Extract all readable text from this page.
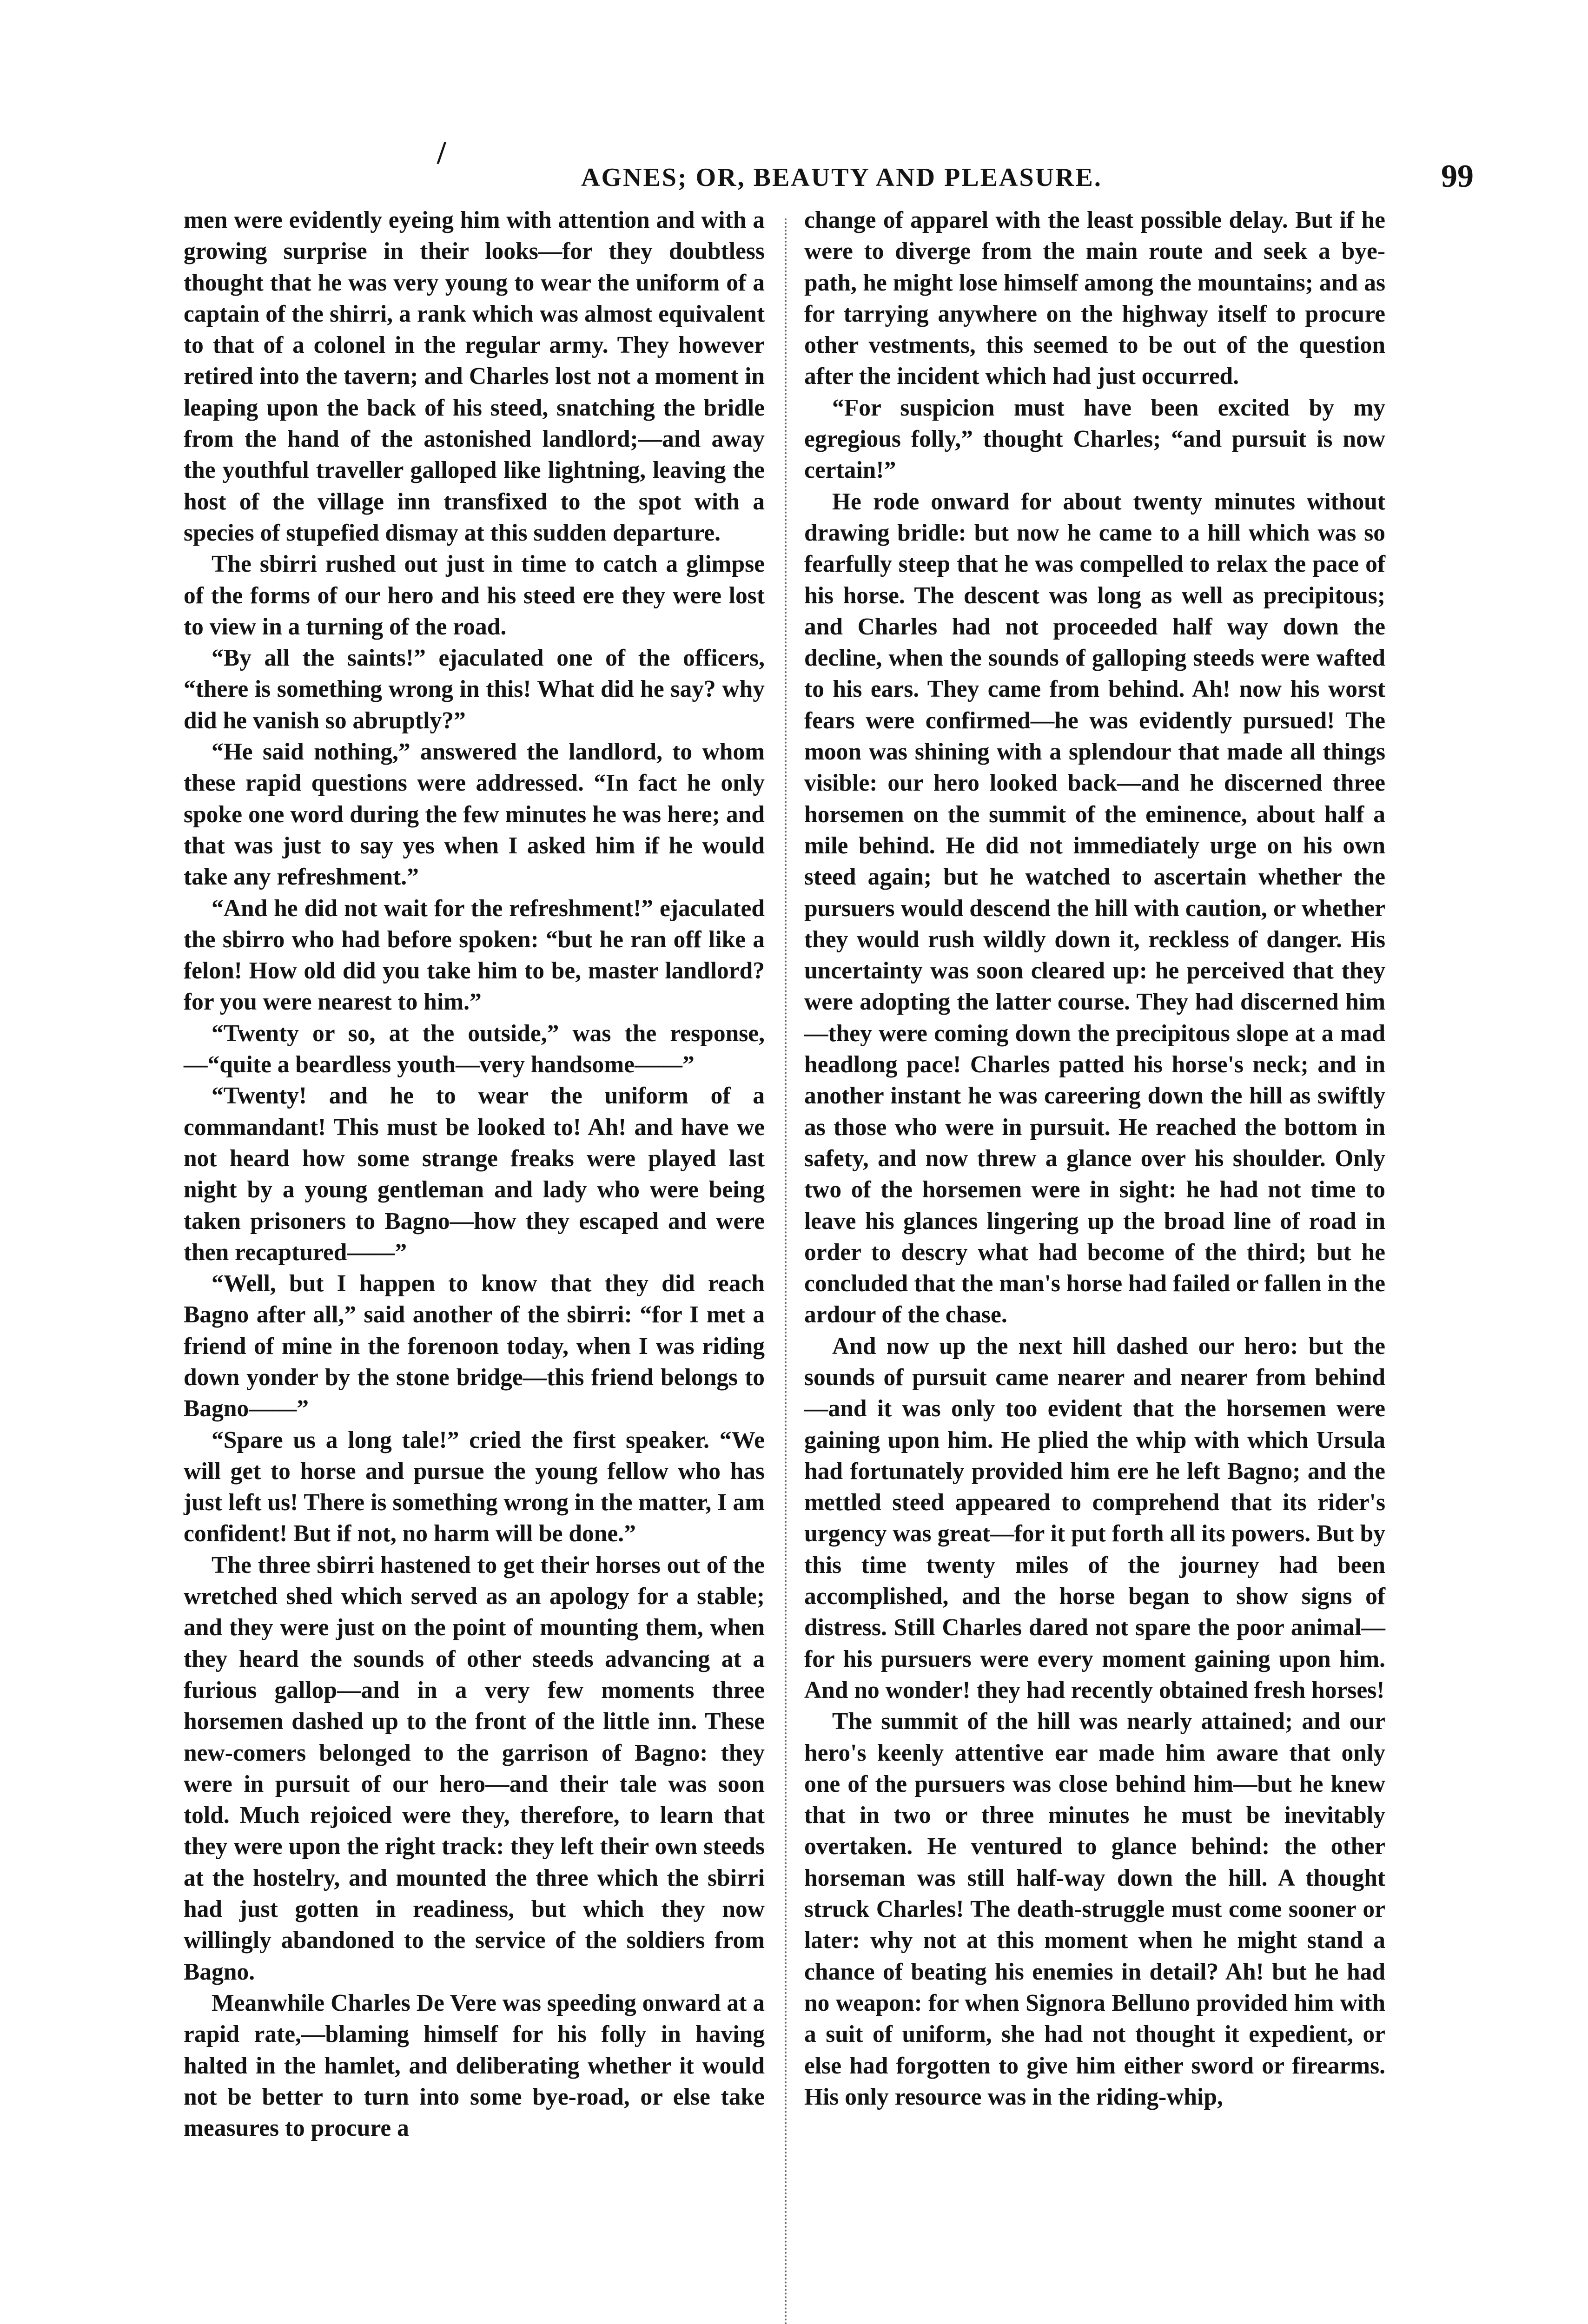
/
AGNES; OR, BEAUTY AND PLEASURE.	99

men were evidently eyeing him with attention and with a growing surprise in their looks—for they doubtless thought that he was very young to wear the uniform of a captain of the shirri, a rank which was almost equivalent to that of a colonel in the regular army. They however retired into the tavern; and Charles lost not a moment in leaping upon the back of his steed, snatching the bridle from the hand of the astonished landlord;—and away the youthful traveller galloped like lightning, leaving the host of the village inn transfixed to the spot with a species of stupefied dismay at this sudden departure.

The sbirri rushed out just in time to catch a glimpse of the forms of our hero and his steed ere they were lost to view in a turning of the road.

“By all the saints!” ejaculated one of the officers, “there is something wrong in this! What did he say? why did he vanish so abruptly?”

“He said nothing,” answered the landlord, to whom these rapid questions were addressed. “In fact he only spoke one word during the few minutes he was here; and that was just to say yes when I asked him if he would take any refreshment.”

“And he did not wait for the refreshment!” ejaculated the sbirro who had before spoken: “but he ran off like a felon! How old did you take him to be, master landlord? for you were nearest to him.”

“Twenty or so, at the outside,” was the response,—“quite a beardless youth—very handsome——”

“Twenty! and he to wear the uniform of a commandant! This must be looked to! Ah! and have we not heard how some strange freaks were played last night by a young gentleman and lady who were being taken prisoners to Bagno—how they escaped and were then recaptured——”

“Well, but I happen to know that they did reach Bagno after all,” said another of the sbirri: “for I met a friend of mine in the forenoon today, when I was riding down yonder by the stone bridge—this friend belongs to Bagno——”

“Spare us a long tale!” cried the first speaker. “We will get to horse and pursue the young fellow who has just left us! There is something wrong in the matter, I am confident! But if not, no harm will be done.”

The three sbirri hastened to get their horses out of the wretched shed which served as an apology for a stable; and they were just on the point of mounting them, when they heard the sounds of other steeds advancing at a furious gallop—and in a very few moments three horsemen dashed up to the front of the little inn. These new-comers belonged to the garrison of Bagno: they were in pursuit of our hero—and their tale was soon told. Much rejoiced were they, therefore, to learn that they were upon the right track: they left their own steeds at the hostelry, and mounted the three which the sbirri had just gotten in readiness, but which they now willingly abandoned to the service of the soldiers from Bagno.

Meanwhile Charles De Vere was speeding onward at a rapid rate,—blaming himself for his folly in having halted in the hamlet, and deliberating whether it would not be better to turn into some bye-road, or else take measures to procure a

change of apparel with the least possible delay. But if he were to diverge from the main route and seek a bye-path, he might lose himself among the mountains; and as for tarrying anywhere on the highway itself to procure other vestments, this seemed to be out of the question after the incident which had just occurred.

“For suspicion must have been excited by my egregious folly,” thought Charles; “and pursuit is now certain!”

He rode onward for about twenty minutes without drawing bridle: but now he came to a hill which was so fearfully steep that he was compelled to relax the pace of his horse. The descent was long as well as precipitous; and Charles had not proceeded half way down the decline, when the sounds of galloping steeds were wafted to his ears. They came from behind. Ah! now his worst fears were confirmed—he was evidently pursued! The moon was shining with a splendour that made all things visible: our hero looked back—and he discerned three horsemen on the summit of the eminence, about half a mile behind. He did not immediately urge on his own steed again; but he watched to ascertain whether the pursuers would descend the hill with caution, or whether they would rush wildly down it, reckless of danger. His uncertainty was soon cleared up: he perceived that they were adopting the latter course. They had discerned him—they were coming down the precipitous slope at a mad headlong pace! Charles patted his horse's neck; and in another instant he was careering down the hill as swiftly as those who were in pursuit. He reached the bottom in safety, and now threw a glance over his shoulder. Only two of the horsemen were in sight: he had not time to leave his glances lingering up the broad line of road in order to descry what had become of the third; but he concluded that the man's horse had failed or fallen in the ardour of the chase.

And now up the next hill dashed our hero: but the sounds of pursuit came nearer and nearer from behind—and it was only too evident that the horsemen were gaining upon him. He plied the whip with which Ursula had fortunately provided him ere he left Bagno; and the mettled steed appeared to comprehend that its rider's urgency was great—for it put forth all its powers. But by this time twenty miles of the journey had been accomplished, and the horse began to show signs of distress. Still Charles dared not spare the poor animal—for his pursuers were every moment gaining upon him. And no wonder! they had recently obtained fresh horses!

The summit of the hill was nearly attained; and our hero's keenly attentive ear made him aware that only one of the pursuers was close behind him—but he knew that in two or three minutes he must be inevitably overtaken. He ventured to glance behind: the other horseman was still half-way down the hill. A thought struck Charles! The death-struggle must come sooner or later: why not at this moment when he might stand a chance of beating his enemies in detail? Ah! but he had no weapon: for when Signora Belluno provided him with a suit of uniform, she had not thought it expedient, or else had forgotten to give him either sword or firearms. His only resource was in the riding-whip,
